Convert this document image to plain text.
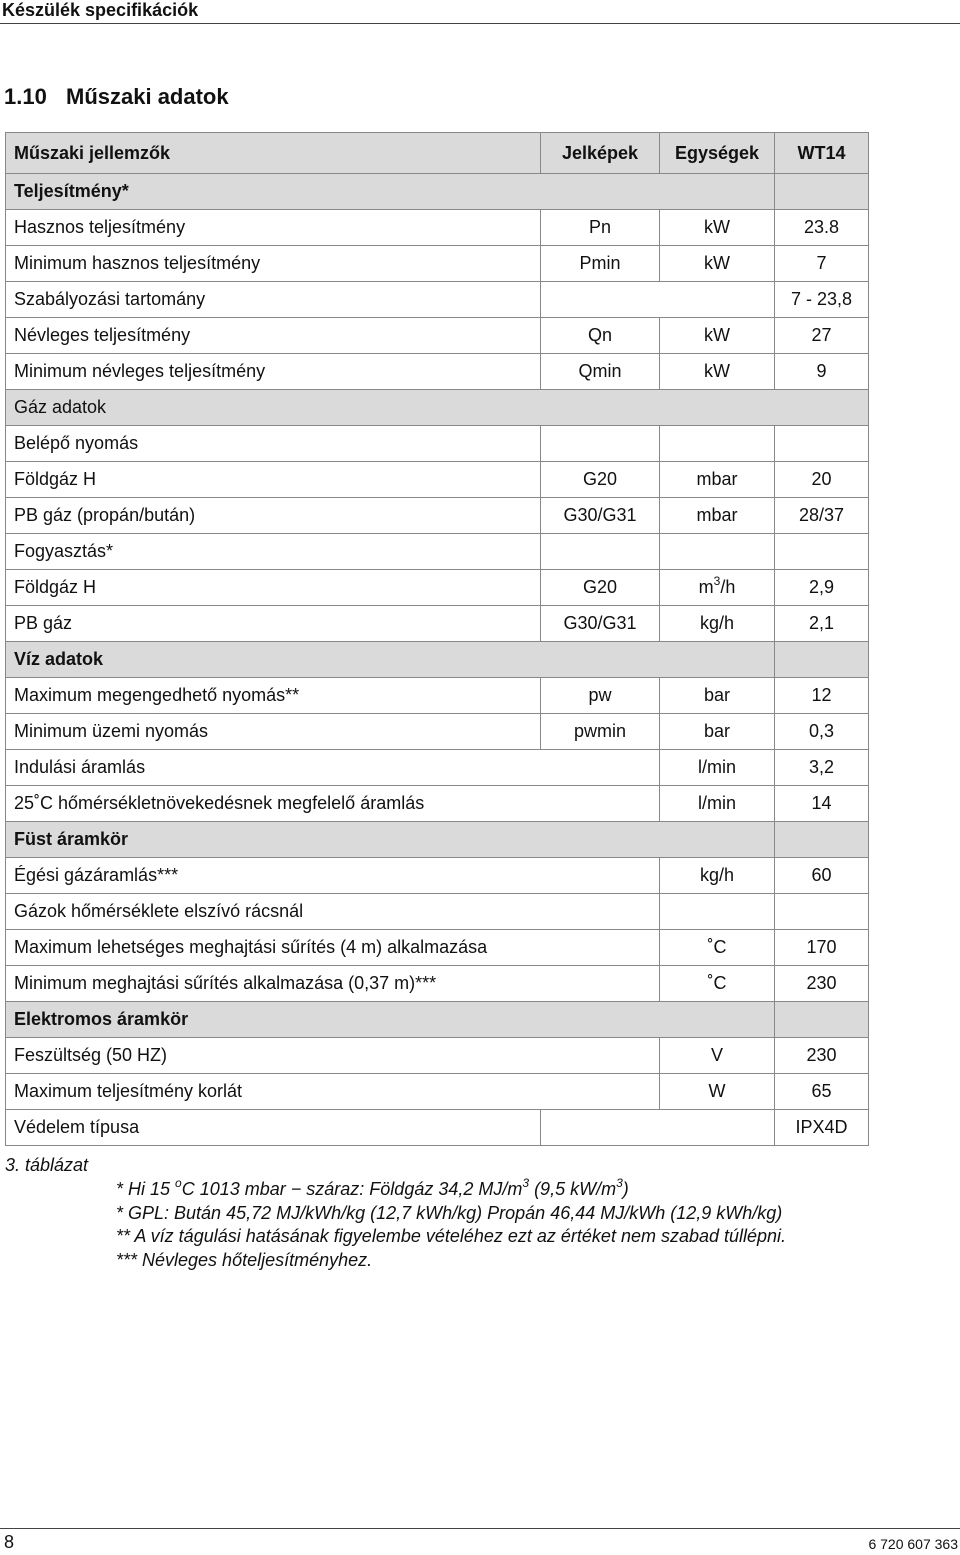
Készülék specifikációk
1.10 Műszaki adatok
Műszaki jellemzők	Jelképek	Egységek	WT14
Teljesítmény*			
Hasznos teljesítmény	Pn	kW	23.8
Minimum hasznos teljesítmény	Pmin	kW	7
Szabályozási tartomány			7 - 23,8
Névleges teljesítmény	Qn	kW	27
Minimum névleges teljesítmény	Qmin	kW	9
Gáz adatok			
Belépő nyomás			
Földgáz H	G20	mbar	20
PB gáz (propán/bután)	G30/G31	mbar	28/37
Fogyasztás*			
Földgáz H	G20	$m^3/h$	2,9
PB gáz	G30/G31	kg/h	2,1
Víz adatok			
Maximum megengedhető nyomás**	pw	bar	12
Minimum üzemi nyomás	pwmin	bar	0,3
Indulási áramlás		l/min	3,2
25˚C hőmérsékletnövekedésnek megfelelő áramlás		l/min	14
Füst áramkör			
Égési gázáramlás***		kg/h	60
Gázok hőmérséklete elszívó rácsnál			
Maximum lehetséges meghajtási sűrítés (4 m) alkalmazása		˚C	170
Minimum meghajtási sűrítés alkalmazása (0,37 m)***		˚C	230
Elektromos áramkör			
Feszültség (50 HZ)		V	230
Maximum teljesítmény korlát		W	65
Védelem típusa			IPX4D
3. táblázat
* Hi 15 $^o$C 1013 mbar − száraz: Földgáz 34,2 $MJ/m^3$ (9,5 $kW/m^3$)
* GPL: Bután 45,72 MJ/kWh/kg (12,7 kWh/kg) Propán 46,44 MJ/kWh (12,9 kWh/kg)
** A víz tágulási hatásának figyelembe vételéhez ezt az értéket nem szabad túllépni.
*** Névleges hőteljesítményhez.
8	6 720 607 363
